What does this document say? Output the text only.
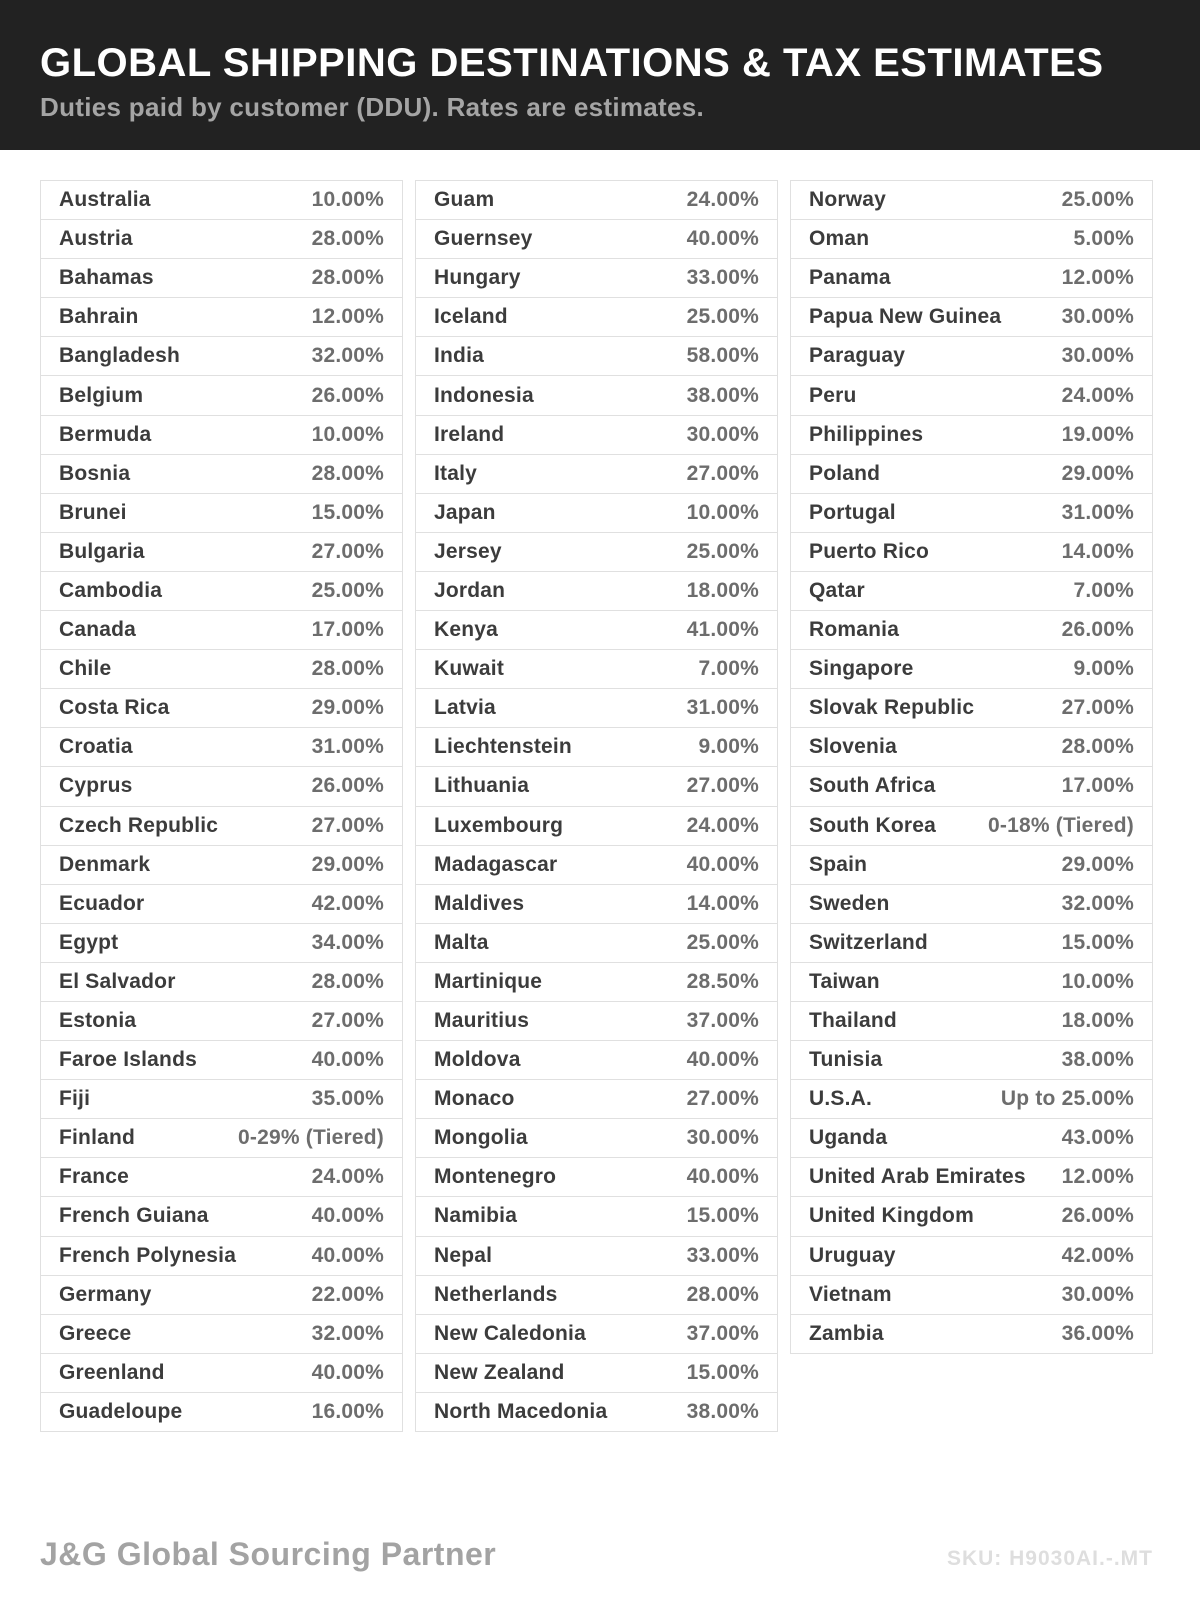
GLOBAL SHIPPING DESTINATIONS & TAX ESTIMATES

Duties paid by customer (DDU). Rates are estimates.

Australia	10.00%
Austria	28.00%
Bahamas	28.00%
Bahrain	12.00%
Bangladesh	32.00%
Belgium	26.00%
Bermuda	10.00%
Bosnia	28.00%
Brunei	15.00%
Bulgaria	27.00%
Cambodia	25.00%
Canada	17.00%
Chile	28.00%
Costa Rica	29.00%
Croatia	31.00%
Cyprus	26.00%
Czech Republic	27.00%
Denmark	29.00%
Ecuador	42.00%
Egypt	34.00%
El Salvador	28.00%
Estonia	27.00%
Faroe Islands	40.00%
Fiji	35.00%
Finland	0-29% (Tiered)
France	24.00%
French Guiana	40.00%
French Polynesia	40.00%
Germany	22.00%
Greece	32.00%
Greenland	40.00%
Guadeloupe	16.00%
Guam	24.00%
Guernsey	40.00%
Hungary	33.00%
Iceland	25.00%
India	58.00%
Indonesia	38.00%
Ireland	30.00%
Italy	27.00%
Japan	10.00%
Jersey	25.00%
Jordan	18.00%
Kenya	41.00%
Kuwait	7.00%
Latvia	31.00%
Liechtenstein	9.00%
Lithuania	27.00%
Luxembourg	24.00%
Madagascar	40.00%
Maldives	14.00%
Malta	25.00%
Martinique	28.50%
Mauritius	37.00%
Moldova	40.00%
Monaco	27.00%
Mongolia	30.00%
Montenegro	40.00%
Namibia	15.00%
Nepal	33.00%
Netherlands	28.00%
New Caledonia	37.00%
New Zealand	15.00%
North Macedonia	38.00%
Norway	25.00%
Oman	5.00%
Panama	12.00%
Papua New Guinea	30.00%
Paraguay	30.00%
Peru	24.00%
Philippines	19.00%
Poland	29.00%
Portugal	31.00%
Puerto Rico	14.00%
Qatar	7.00%
Romania	26.00%
Singapore	9.00%
Slovak Republic	27.00%
Slovenia	28.00%
South Africa	17.00%
South Korea 0-18% (Tiered)
Spain	29.00%
Sweden	32.00%
Switzerland	15.00%
Taiwan	10.00%
Thailand	18.00%
Tunisia	38.00%
U.S.A.	Up to 25.00%
Uganda	43.00%
United Arab Emirates 12.00%
United Kingdom	26.00%
Uruguay	42.00%
Vietnam	30.00%
Zambia	36.00%
J&G Global Sourcing Partner	SKU: H9030AI.-.MT
